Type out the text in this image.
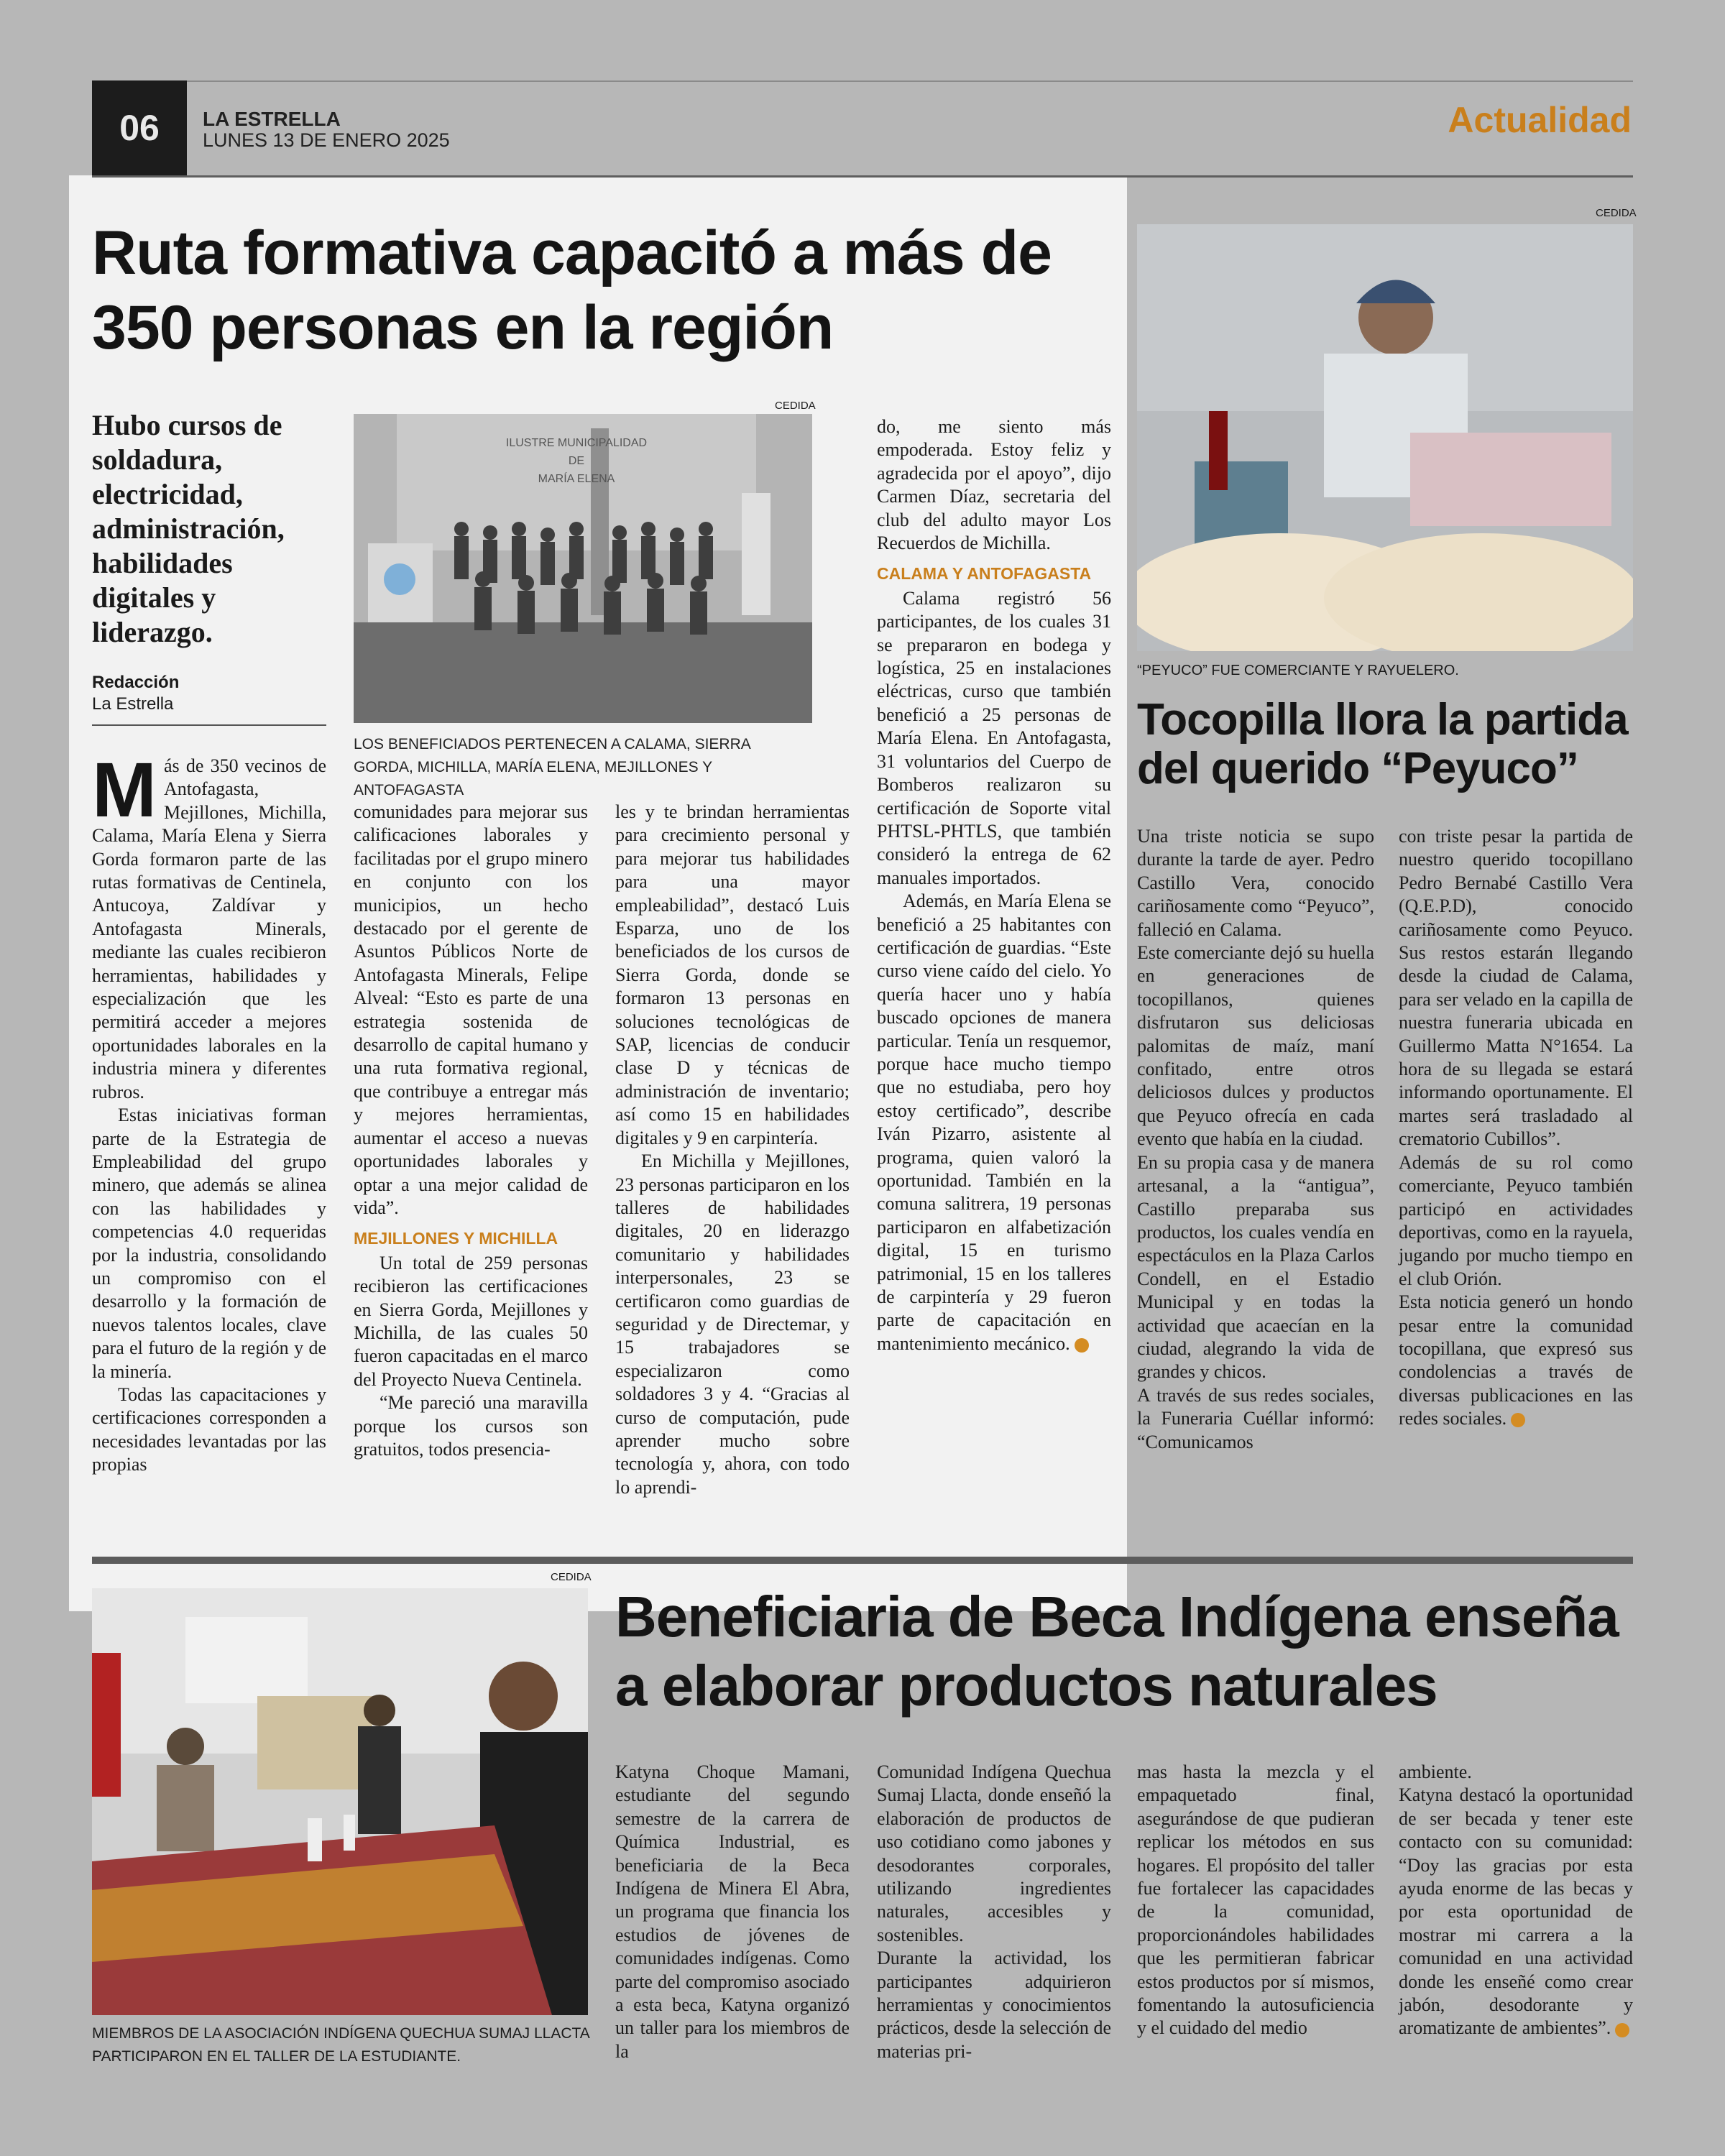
06	LA ESTRELLA
LUNES 13 DE ENERO 2025	Actualidad
Ruta formativa capacitó a más de 350 personas en la región
Hubo cursos de soldadura, electricidad, administración, habilidades digitales y liderazgo.
Redacción
La Estrella
CEDIDA
ILUSTRE MUNICIPALIDAD
DE
MARÍA ELENA
LOS BENEFICIADOS PERTENECEN A CALAMA, SIERRA GORDA, MICHILLA, MARÍA ELENA, MEJILLONES Y ANTOFAGASTA

Más de 350 vecinos de Antofagasta, Mejillones, Michilla, Calama, María Elena y Sierra Gorda formaron parte de las rutas formativas de Centinela, Antucoya, Zaldívar y Antofagasta Minerals, mediante las cuales recibieron herramientas, habilidades y especialización que les permitirá acceder a mejores oportunidades laborales en la industria minera y diferentes rubros.

Estas iniciativas forman parte de la Estrategia de Empleabilidad del grupo minero, que además se alinea con las habilidades y competencias 4.0 requeridas por la industria, consolidando un compromiso con el desarrollo y la formación de nuevos talentos locales, clave para el futuro de la región y de la minería.

Todas las capacitaciones y certificaciones corresponden a necesidades levantadas por las propias

comunidades para mejorar sus calificaciones laborales y facilitadas por el grupo minero en conjunto con los municipios, un hecho destacado por el gerente de Asuntos Públicos Norte de Antofagasta Minerals, Felipe Alveal: “Esto es parte de una estrategia sostenida de desarrollo de capital humano y una ruta formativa regional, que contribuye a entregar más y mejores herramientas, aumentar el acceso a nuevas oportunidades laborales y optar a una mejor calidad de vida”.

MEJILLONES Y MICHILLA

Un total de 259 personas recibieron las certificaciones en Sierra Gorda, Mejillones y Michilla, de las cuales 50 fueron capacitadas en el marco del Proyecto Nueva Centinela.

“Me pareció una maravilla porque los cursos son gratuitos, todos presencia-

les y te brindan herramientas para crecimiento personal y para mejorar tus habilidades para una mayor empleabilidad”, destacó Luis Esparza, uno de los beneficiados de los cursos de Sierra Gorda, donde se formaron 13 personas en soluciones tecnológicas de SAP, licencias de conducir clase D y técnicas de administración de inventario; así como 15 en habilidades digitales y 9 en carpintería.

En Michilla y Mejillones, 23 personas participaron en los talleres de habilidades digitales, 20 en liderazgo comunitario y habilidades interpersonales, 23 se certificaron como guardias de seguridad y de Directemar, y 15 trabajadores se especializaron como soldadores 3 y 4. “Gracias al curso de computación, pude aprender mucho sobre tecnología y, ahora, con todo lo aprendi-

do, me siento más empoderada. Estoy feliz y agradecida por el apoyo”, dijo Carmen Díaz, secretaria del club del adulto mayor Los Recuerdos de Michilla.

CALAMA Y ANTOFAGASTA

Calama registró 56 participantes, de los cuales 31 se prepararon en bodega y logística, 25 en instalaciones eléctricas, curso que también benefició a 25 personas de María Elena. En Antofagasta, 31 voluntarios del Cuerpo de Bomberos realizaron su certificación de Soporte vital PHTSL-PHTLS, que también consideró la entrega de 62 manuales importados.

Además, en María Elena se benefició a 25 habitantes con certificación de guardias. “Este curso viene caído del cielo. Yo quería hacer uno y había buscado opciones de manera particular. Tenía un resquemor, porque hace mucho tiempo que no estudiaba, pero hoy estoy certificado”, describe Iván Pizarro, asistente al programa, quien valoró la oportunidad. También en la comuna salitrera, 19 personas participaron en alfabetización digital, 15 en turismo patrimonial, 15 en los talleres de carpintería y 29 fueron parte de capacitación en mantenimiento mecánico.

CEDIDA
“PEYUCO” FUE COMERCIANTE Y RAYUELERO.
Tocopilla llora la partida del querido “Peyuco”

Una triste noticia se supo durante la tarde de ayer. Pedro Castillo Vera, conocido cariñosamente como “Peyuco”, falleció en Calama.

Este comerciante dejó su huella en generaciones de tocopillanos, quienes disfrutaron sus deliciosas palomitas de maíz, maní confitado, entre otros deliciosos dulces y productos que Peyuco ofrecía en cada evento que había en la ciudad.

En su propia casa y de manera artesanal, a la “antigua”, Castillo preparaba sus productos, los cuales vendía en espectáculos en la Plaza Carlos Condell, en el Estadio Municipal y en todas la actividad que acaecían en la ciudad, alegrando la vida de grandes y chicos.

A través de sus redes sociales, la Funeraria Cuéllar informó: “Comunicamos

con triste pesar la partida de nuestro querido tocopillano Pedro Bernabé Castillo Vera (Q.E.P.D), conocido cariñosamente como Peyuco. Sus restos estarán llegando desde la ciudad de Calama, para ser velado en la capilla de nuestra funeraria ubicada en Guillermo Matta N°1654. La hora de su llegada se estará informando oportunamente. El martes será trasladado al crematorio Cubillos”.

Además de su rol como comerciante, Peyuco también participó en actividades deportivas, como en la rayuela, jugando por mucho tiempo en el club Orión.

Esta noticia generó un hondo pesar entre la comunidad tocopillana, que expresó sus condolencias a través de diversas publicaciones en las redes sociales.

CEDIDA
MIEMBROS DE LA ASOCIACIÓN INDÍGENA QUECHUA SUMAJ LLACTA PARTICIPARON EN EL TALLER DE LA ESTUDIANTE.
Beneficiaria de Beca Indígena enseña a elaborar productos naturales

Katyna Choque Mamani, estudiante del segundo semestre de la carrera de Química Industrial, es beneficiaria de la Beca Indígena de Minera El Abra, un programa que financia los estudios de jóvenes de comunidades indígenas. Como parte del compromiso asociado a esta beca, Katyna organizó un taller para los miembros de la

Comunidad Indígena Quechua Sumaj Llacta, donde enseñó la elaboración de productos de uso cotidiano como jabones y desodorantes corporales, utilizando ingredientes naturales, accesibles y sostenibles.

Durante la actividad, los participantes adquirieron herramientas y conocimientos prácticos, desde la selección de materias pri-

mas hasta la mezcla y el empaquetado final, asegurándose de que pudieran replicar los métodos en sus hogares. El propósito del taller fue fortalecer las capacidades de la comunidad, proporcionándoles habilidades que les permitieran fabricar estos productos por sí mismos, fomentando la autosuficiencia y el cuidado del medio

ambiente.

Katyna destacó la oportunidad de ser becada y tener este contacto con su comunidad: “Doy las gracias por esta ayuda enorme de las becas y por esta oportunidad de mostrar mi carrera a la comunidad en una actividad donde les enseñé como crear jabón, desodorante y aromatizante de ambientes”.
